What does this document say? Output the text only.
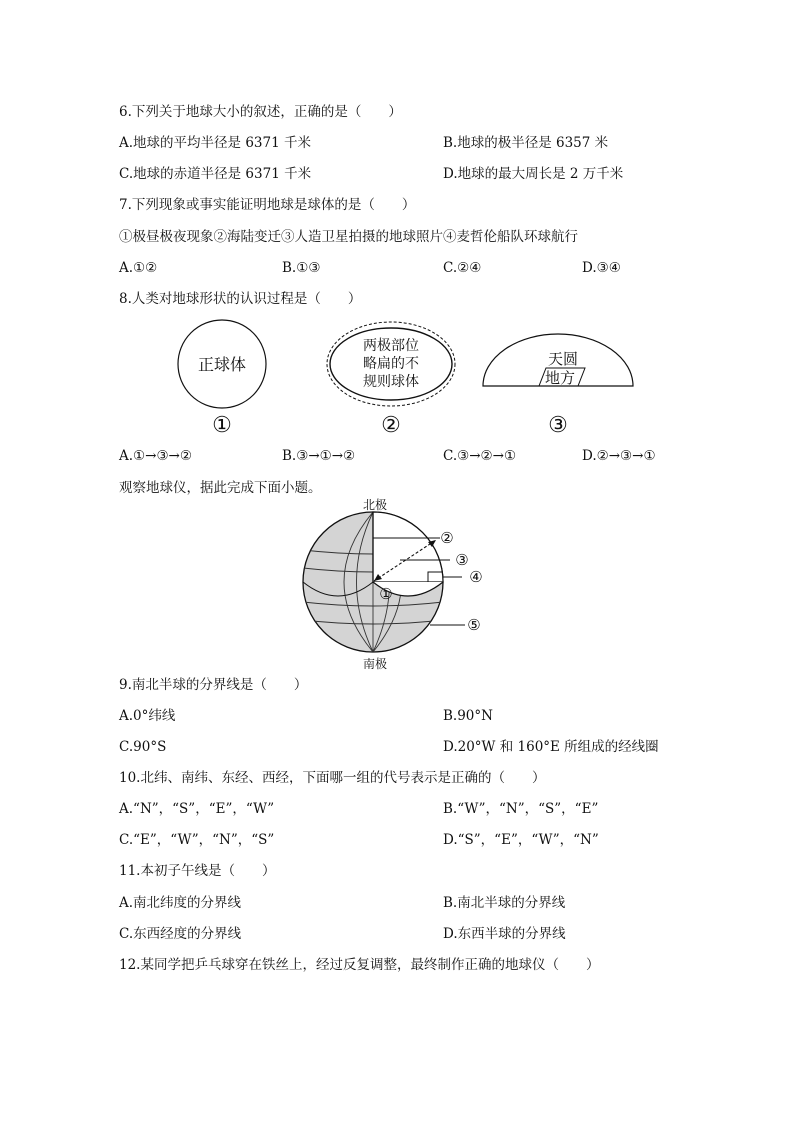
6.下列关于地球大小的叙述，正确的是（　　）
A.地球的平均半径是 6371 千米	B.地球的极半径是 6357 米
C.地球的赤道半径是 6371 千米	D.地球的最大周长是 2 万千米
7.下列现象或事实能证明地球是球体的是（　　）
①极昼极夜现象②海陆变迁③人造卫星拍摄的地球照片④麦哲伦船队环球航行
A.①②	B.①③	C.②④	D.③④
8.人类对地球形状的认识过程是（　　）
正球体
①
两极部位
略扁的不
规则球体
②
天圆
地方
③
A.①→③→②	B.③→①→②	C.③→②→①	D.②→③→①
观察地球仪，据此完成下面小题。
北极
南极
①
②
③
④
⑤
9.南北半球的分界线是（　　）
A.0°纬线	B.90°N
C.90°S	D.20°W 和 160°E 所组成的经线圈
10.北纬、南纬、东经、西经，下面哪一组的代号表示是正确的（　　）
A.“N”，“S”，“E”，“W”	B.“W”，“N”，“S”，“E”
C.“E”，“W”，“N”，“S”	D.“S”，“E”，“W”，“N”
11.本初子午线是（　　）
A.南北纬度的分界线	B.南北半球的分界线
C.东西经度的分界线	D.东西半球的分界线
12.某同学把乒乓球穿在铁丝上，经过反复调整，最终制作正确的地球仪（　　）
